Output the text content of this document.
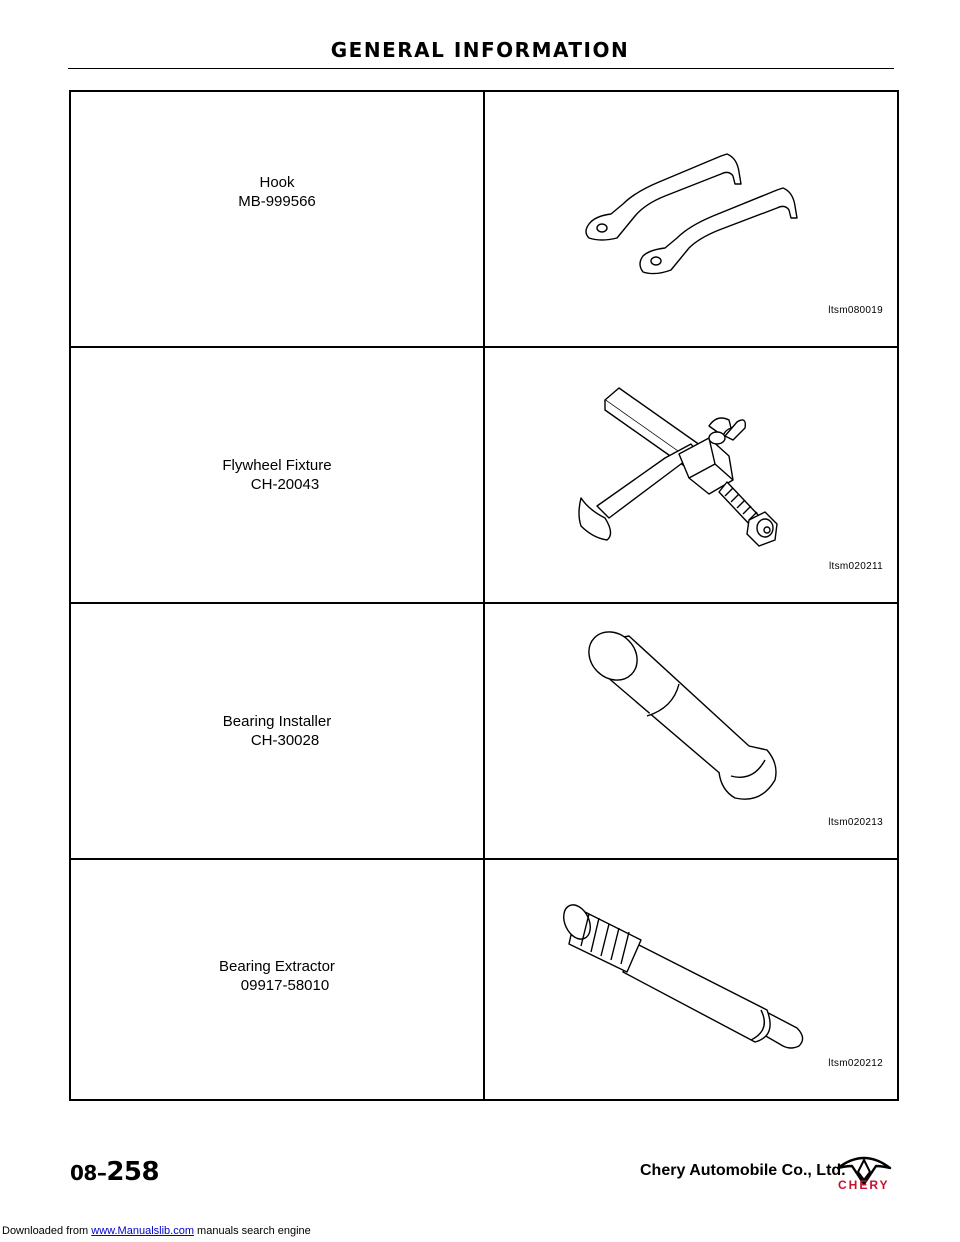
GENERAL INFORMATION
Hook
MB-999566	ltsm080019

Flywheel Fixture
CH-20043	ltsm020211

Bearing Installer
CH-30028	ltsm020213

Bearing Extractor
09917-58010	ltsm020212
08–258	Chery Automobile Co., Ltd.
CHERY
Downloaded from www.Manualslib.com manuals search engine
